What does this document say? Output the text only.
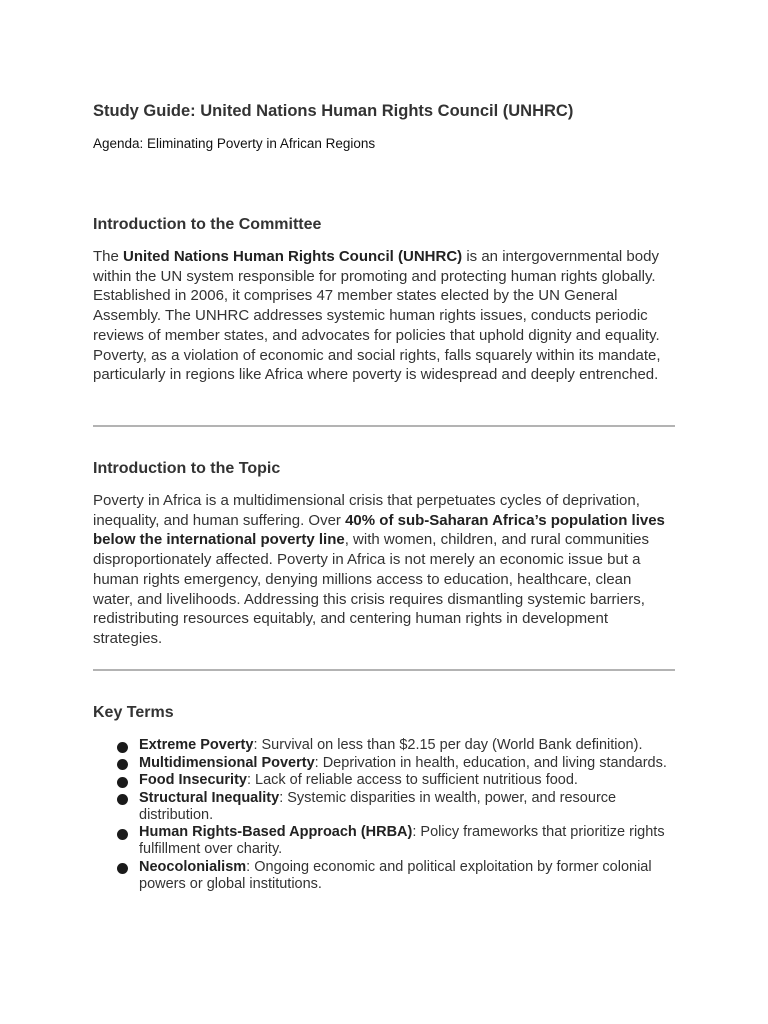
Study Guide: United Nations Human Rights Council (UNHRC)

Agenda: Eliminating Poverty in African Regions

Introduction to the Committee

The United Nations Human Rights Council (UNHRC) is an intergovernmental body within the UN system responsible for promoting and protecting human rights globally. Established in 2006, it comprises 47 member states elected by the UN General Assembly. The UNHRC addresses systemic human rights issues, conducts periodic reviews of member states, and advocates for policies that uphold dignity and equality. Poverty, as a violation of economic and social rights, falls squarely within its mandate, particularly in regions like Africa where poverty is widespread and deeply entrenched.

Introduction to the Topic

Poverty in Africa is a multidimensional crisis that perpetuates cycles of deprivation, inequality, and human suffering. Over 40% of sub-Saharan Africa’s population lives below the international poverty line, with women, children, and rural communities disproportionately affected. Poverty in Africa is not merely an economic issue but a human rights emergency, denying millions access to education, healthcare, clean water, and livelihoods. Addressing this crisis requires dismantling systemic barriers, redistributing resources equitably, and centering human rights in development strategies.

Key Terms
Extreme Poverty: Survival on less than $2.15 per day (World Bank definition).
Multidimensional Poverty: Deprivation in health, education, and living standards.
Food Insecurity: Lack of reliable access to sufficient nutritious food.
Structural Inequality: Systemic disparities in wealth, power, and resource distribution.
Human Rights-Based Approach (HRBA): Policy frameworks that prioritize rights fulfillment over charity.
Neocolonialism: Ongoing economic and political exploitation by former colonial powers or global institutions.
